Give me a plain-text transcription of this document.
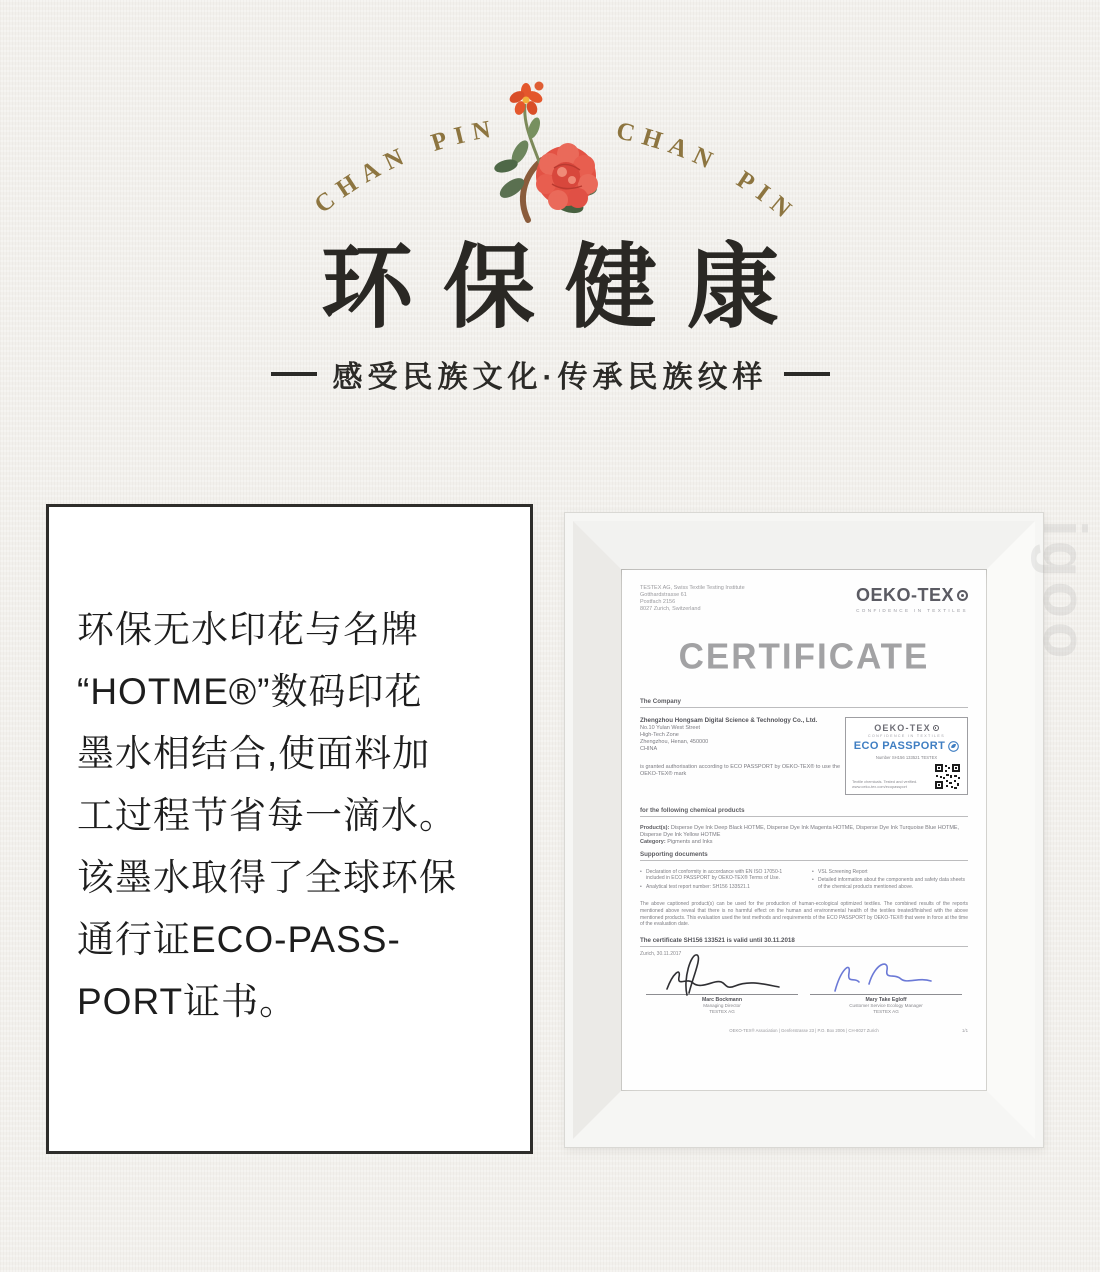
CHAN PIN	CHAN PIN
环保健康
感受民族文化·传承民族纹样
环保无水印花与名牌
“HOTME®”数码印花
墨水相结合,使面料加
工过程节省每一滴水。
该墨水取得了全球环保
通行证ECO-PASS-
PORT证书。
TESTEX AG, Swiss Textile Testing Institute
Gotthardstrasse 61
Postfach 2156
8027 Zurich, Switzerland
OEKO-TEX
CONFIDENCE IN TEXTILES
CERTIFICATE
The Company
Zhengzhou Hongsam Digital Science & Technology Co., Ltd.
No.10 Yulan West Street
High-Tech Zone
Zhengzhou, Henan, 450000
CHINA
is granted authorisation according to ECO PASSPORT by OEKO-TEX® to use the OEKO-TEX® mark
OEKO-TEX
CONFIDENCE IN TEXTILES
ECO PASSPORT
Number SH156 133521 TESTEX
Textile chemicals. Tested and verified.
www.oeko-tex.com/ecopassport
for the following chemical products
Product(s): Disperse Dye Ink Deep Black HOTME, Disperse Dye Ink Magenta HOTME, Disperse Dye Ink Turquoise Blue HOTME, Disperse Dye Ink Yellow HOTME
Category: Pigments and Inks
Supporting documents
• Declaration of conformity in accordance with EN ISO 17050-1 included in ECO PASSPORT by OEKO-TEX® Terms of Use.
• Analytical test report number: SH156 133521.1
• VSL Screening Report
• Detailed information about the components and safety data sheets of the chemical products mentioned above.
The above captioned product(s) can be used for the production of human-ecological optimized textiles. The combined results of the reports mentioned above reveal that there is no harmful effect on the human and environmental health of the textiles treated/finished with the above mentioned products. This evaluation used the test methods and requirements of the ECO PASSPORT by OEKO-TEX® that were in force at the time of the evaluation date.
The certificate SH156 133521 is valid until 30.11.2018
Zurich, 30.11.2017
Marc Bockmann
Managing Director
TESTEX AG
Mary Take Egloff
Customer Service Ecology Manager
TESTEX AG
OEKO-TEX® Association | Genferstrasse 23 | P.O. Box 2006 | CH-8027 Zurich	1/1
igoo
